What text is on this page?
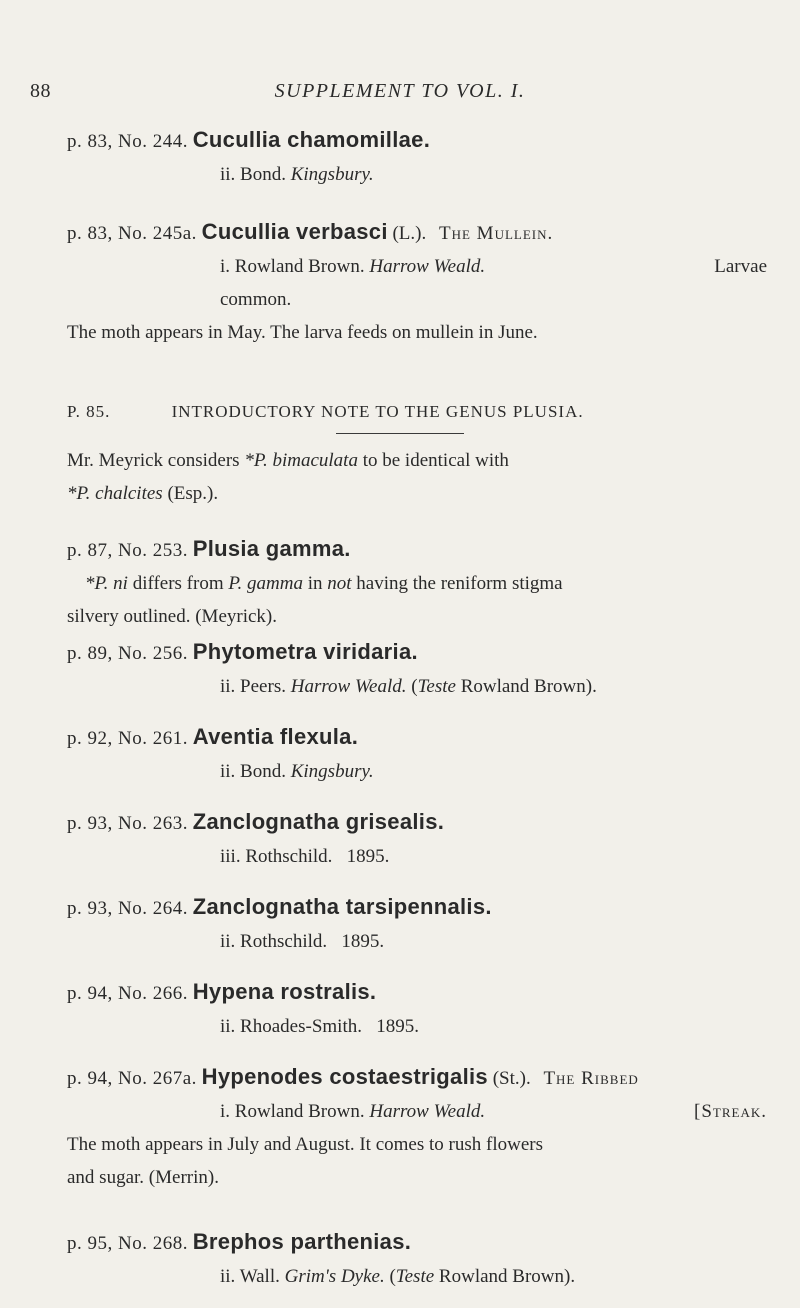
88	SUPPLEMENT TO VOL. I.
p. 83, No. 244. Cucullia chamomillae.
ii. Bond. Kingsbury.
p. 83, No. 245a. Cucullia verbasci (L.). The Mullein.
i. Rowland Brown. Harrow Weald.	Larvae
common.
The moth appears in May. The larva feeds on mullein in June.
P. 85.	INTRODUCTORY NOTE TO THE GENUS PLUSIA.
Mr. Meyrick considers *P. bimaculata to be identical with
*P. chalcites (Esp.).
p. 87, No. 253. Plusia gamma.
*P. ni differs from P. gamma in not having the reniform stigma
silvery outlined. (Meyrick).
p. 89, No. 256. Phytometra viridaria.
ii. Peers. Harrow Weald. (Teste Rowland Brown).
p. 92, No. 261. Aventia flexula.
ii. Bond. Kingsbury.
p. 93, No. 263. Zanclognatha grisealis.
iii. Rothschild.   1895.
p. 93, No. 264. Zanclognatha tarsipennalis.
ii. Rothschild.   1895.
p. 94, No. 266. Hypena rostralis.
ii. Rhoades-Smith.   1895.
p. 94, No. 267a. Hypenodes costaestrigalis (St.). The Ribbed
i. Rowland Brown. Harrow Weald.	[Streak.
The moth appears in July and August. It comes to rush flowers
and sugar. (Merrin).
p. 95, No. 268. Brephos parthenias.
ii. Wall. Grim's Dyke. (Teste Rowland Brown).
